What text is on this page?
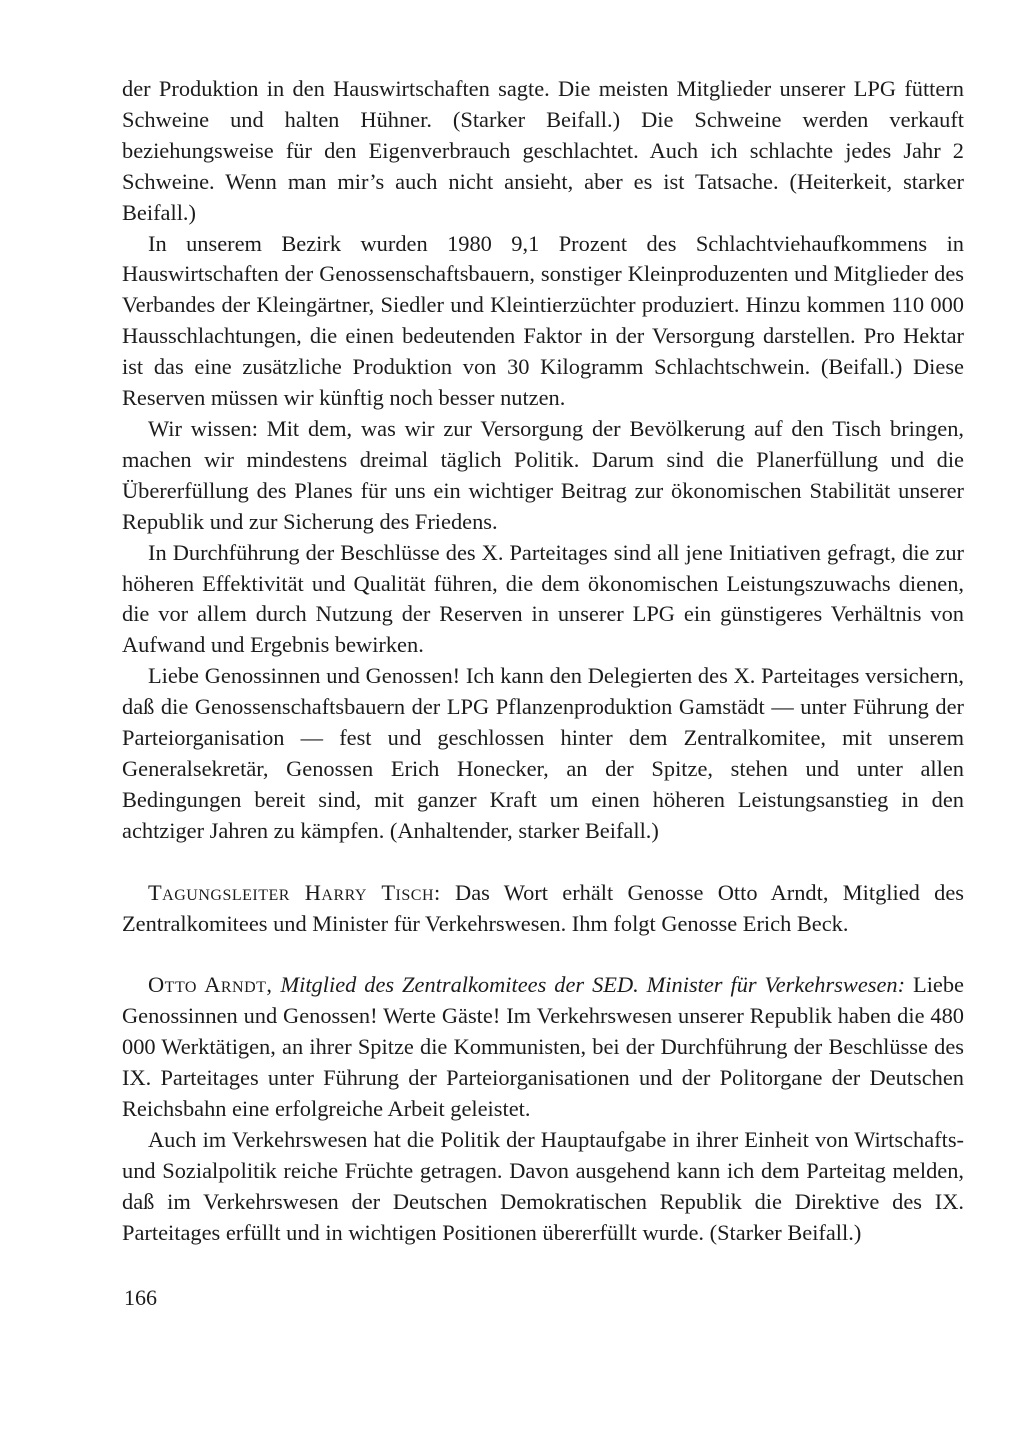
der Produktion in den Hauswirtschaften sagte. Die meisten Mitglieder unserer LPG füttern Schweine und halten Hühner. (Starker Beifall.) Die Schweine werden verkauft beziehungsweise für den Eigenverbrauch geschlachtet. Auch ich schlachte jedes Jahr 2 Schweine. Wenn man mir’s auch nicht ansieht, aber es ist Tatsache. (Heiterkeit, starker Beifall.)

In unserem Bezirk wurden 1980 9,1 Prozent des Schlachtviehaufkommens in Hauswirtschaften der Genossenschaftsbauern, sonstiger Kleinproduzenten und Mitglieder des Verbandes der Kleingärtner, Siedler und Kleintierzüchter produziert. Hinzu kommen 110 000 Hausschlachtungen, die einen bedeutenden Faktor in der Versorgung darstellen. Pro Hektar ist das eine zusätzliche Produktion von 30 Kilogramm Schlachtschwein. (Beifall.) Diese Reserven müssen wir künftig noch besser nutzen.

Wir wissen: Mit dem, was wir zur Versorgung der Bevölkerung auf den Tisch bringen, machen wir mindestens dreimal täglich Politik. Darum sind die Planerfüllung und die Übererfüllung des Planes für uns ein wichtiger Beitrag zur ökonomischen Stabilität unserer Republik und zur Sicherung des Friedens.

In Durchführung der Beschlüsse des X. Parteitages sind all jene Initiativen gefragt, die zur höheren Effektivität und Qualität führen, die dem ökonomischen Leistungszuwachs dienen, die vor allem durch Nutzung der Reserven in unserer LPG ein günstigeres Verhältnis von Aufwand und Ergebnis bewirken.

Liebe Genossinnen und Genossen! Ich kann den Delegierten des X. Parteitages versichern, daß die Genossenschaftsbauern der LPG Pflanzenproduktion Gamstädt — unter Führung der Parteiorganisation — fest und geschlossen hinter dem Zentralkomitee, mit unserem Generalsekretär, Genossen Erich Honecker, an der Spitze, stehen und unter allen Bedingungen bereit sind, mit ganzer Kraft um einen höheren Leistungsanstieg in den achtziger Jahren zu kämpfen. (Anhaltender, starker Beifall.)

Tagungsleiter Harry Tisch: Das Wort erhält Genosse Otto Arndt, Mitglied des Zentralkomitees und Minister für Verkehrswesen. Ihm folgt Genosse Erich Beck.

Otto Arndt, Mitglied des Zentralkomitees der SED. Minister für Verkehrswesen: Liebe Genossinnen und Genossen! Werte Gäste! Im Verkehrswesen unserer Republik haben die 480 000 Werktätigen, an ihrer Spitze die Kommunisten, bei der Durchführung der Beschlüsse des IX. Parteitages unter Führung der Parteiorganisationen und der Politorgane der Deutschen Reichsbahn eine erfolgreiche Arbeit geleistet.

Auch im Verkehrswesen hat die Politik der Hauptaufgabe in ihrer Einheit von Wirtschafts- und Sozialpolitik reiche Früchte getragen. Davon ausgehend kann ich dem Parteitag melden, daß im Verkehrswesen der Deutschen Demokratischen Republik die Direktive des IX. Parteitages erfüllt und in wichtigen Positionen übererfüllt wurde. (Starker Beifall.)

166
